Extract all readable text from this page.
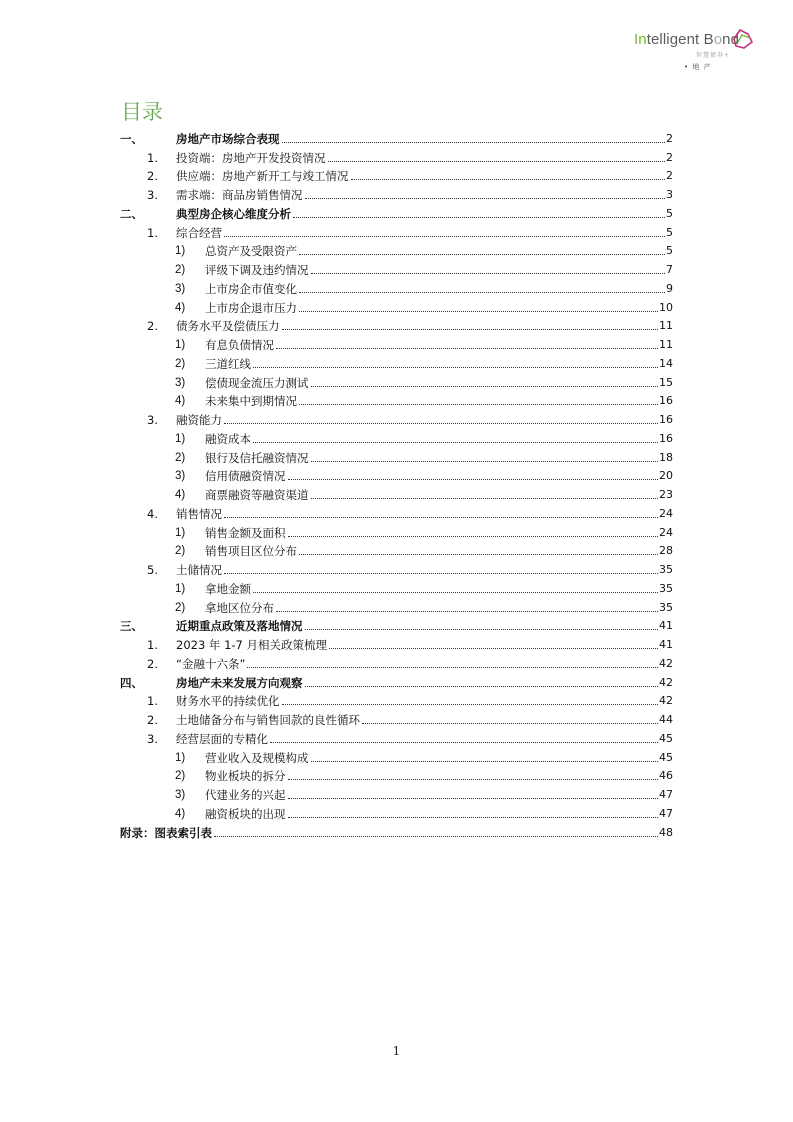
Intelligent Bond
智慧债券+
• 地 产
目录
一、	房地产市场综合表现	2
1. 投资端：房地产开发投资情况	2
2. 供应端：房地产新开工与竣工情况	2
3. 需求端：商品房销售情况	3
二、	典型房企核心维度分析	5
1. 综合经营	5
1) 总资产及受限资产	5
2) 评级下调及违约情况	7
3) 上市房企市值变化	9
4) 上市房企退市压力	10
2. 债务水平及偿债压力	11
1) 有息负债情况	11
2) 三道红线	14
3) 偿债现金流压力测试	15
4) 未来集中到期情况	16
3. 融资能力	16
1) 融资成本	16
2) 银行及信托融资情况	18
3) 信用债融资情况	20
4) 商票融资等融资渠道	23
4. 销售情况	24
1) 销售金额及面积	24
2) 销售项目区位分布	28
5. 土储情况	35
1) 拿地金额	35
2) 拿地区位分布	35
三、	近期重点政策及落地情况	41
1. 2023 年 1-7 月相关政策梳理	41
2. “金融十六条”	42
四、	房地产未来发展方向观察	42
1. 财务水平的持续优化	42
2. 土地储备分布与销售回款的良性循环	44
3. 经营层面的专精化	45
1) 营业收入及规模构成	45
2) 物业板块的拆分	46
3) 代建业务的兴起	47
4) 融资板块的出现	47
附录：图表索引表	48
1
